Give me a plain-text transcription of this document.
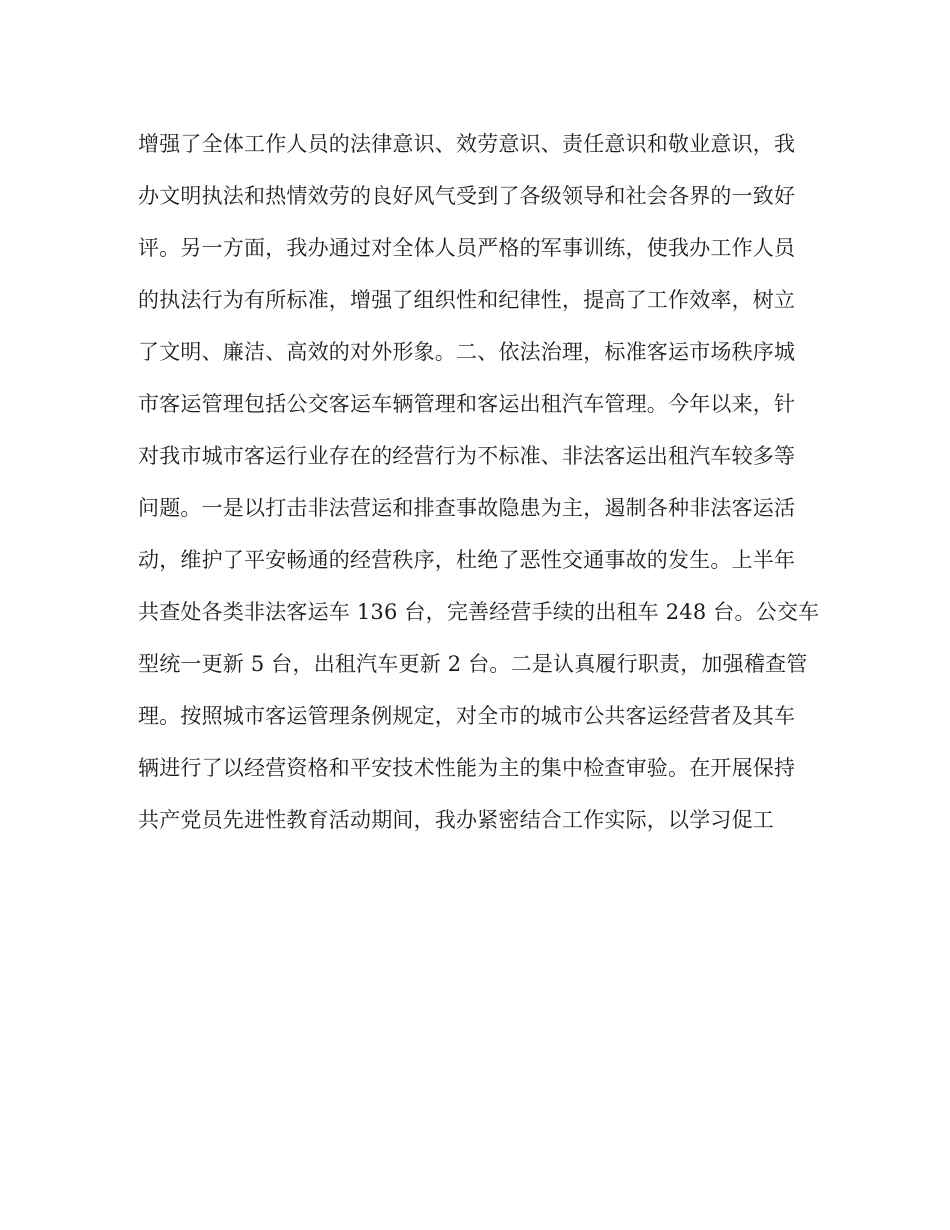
增强了全体工作人员的法律意识、效劳意识、责任意识和敬业意识，我
办文明执法和热情效劳的良好风气受到了各级领导和社会各界的一致好
评。另一方面，我办通过对全体人员严格的军事训练，使我办工作人员
的执法行为有所标准，增强了组织性和纪律性，提高了工作效率，树立
了文明、廉洁、高效的对外形象。二、依法治理，标准客运市场秩序城
市客运管理包括公交客运车辆管理和客运出租汽车管理。今年以来，针
对我市城市客运行业存在的经营行为不标准、非法客运出租汽车较多等
问题。一是以打击非法营运和排查事故隐患为主，遏制各种非法客运活
动，维护了平安畅通的经营秩序，杜绝了恶性交通事故的发生。上半年
共查处各类非法客运车 136 台，完善经营手续的出租车 248 台。公交车
型统一更新 5 台，出租汽车更新 2 台。二是认真履行职责，加强稽查管
理。按照城市客运管理条例规定，对全市的城市公共客运经营者及其车
辆进行了以经营资格和平安技术性能为主的集中检查审验。在开展保持
共产党员先进性教育活动期间，我办紧密结合工作实际，以学习促工
